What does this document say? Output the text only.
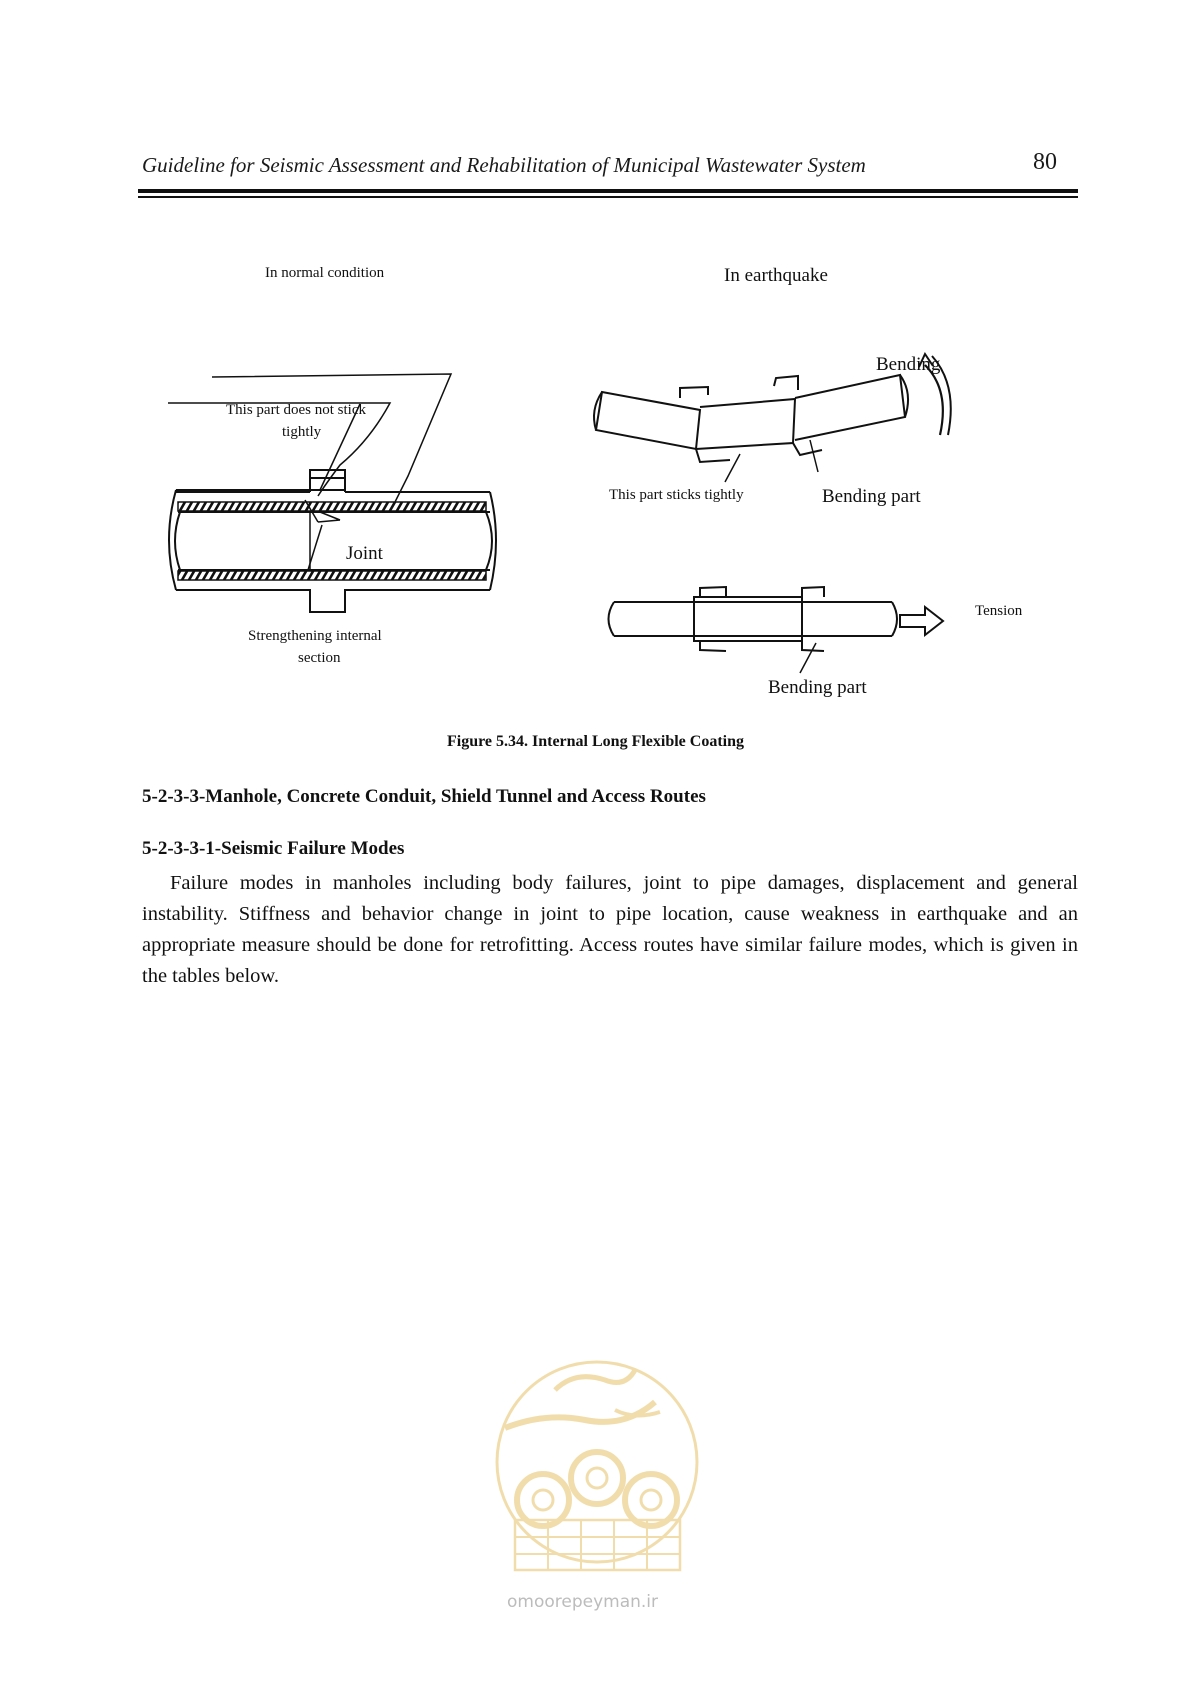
Guideline for Seismic Assessment and Rehabilitation of Municipal Wastewater System	80
In normal condition	In earthquake
This part does not stick
tightly
Joint
Strengthening internal
section
Bending
This part sticks tightly	Bending part
Tension
Bending part
Figure 5.34. Internal Long Flexible Coating
5-2-3-3-Manhole, Concrete Conduit, Shield Tunnel and Access Routes
5-2-3-3-1-Seismic Failure Modes
Failure modes in manholes including body failures, joint to pipe damages, displacement and general instability. Stiffness and behavior change in joint to pipe location, cause weakness in earthquake and an appropriate measure should be done for retrofitting. Access routes have similar failure modes, which is given in the tables below.
omoorepeyman.ir
